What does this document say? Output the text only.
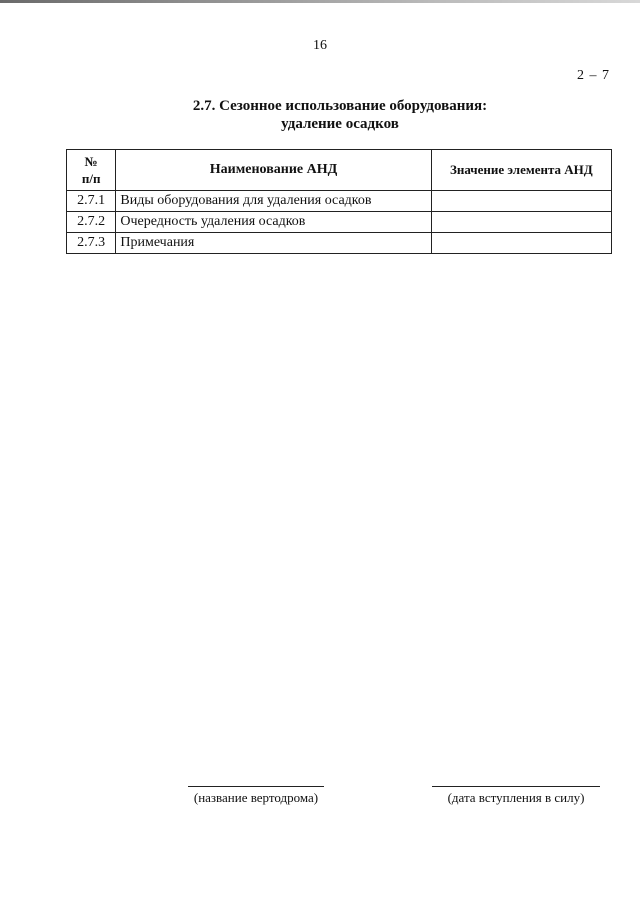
16
2 – 7
2.7. Сезонное использование оборудования:
удаление осадков
№
п/п	Наименование АНД	Значение элемента АНД
2.7.1	Виды оборудования для удаления осадков	
2.7.2	Очередность удаления осадков	
2.7.3	Примечания	
(название вертодрома)	(дата вступления в силу)
